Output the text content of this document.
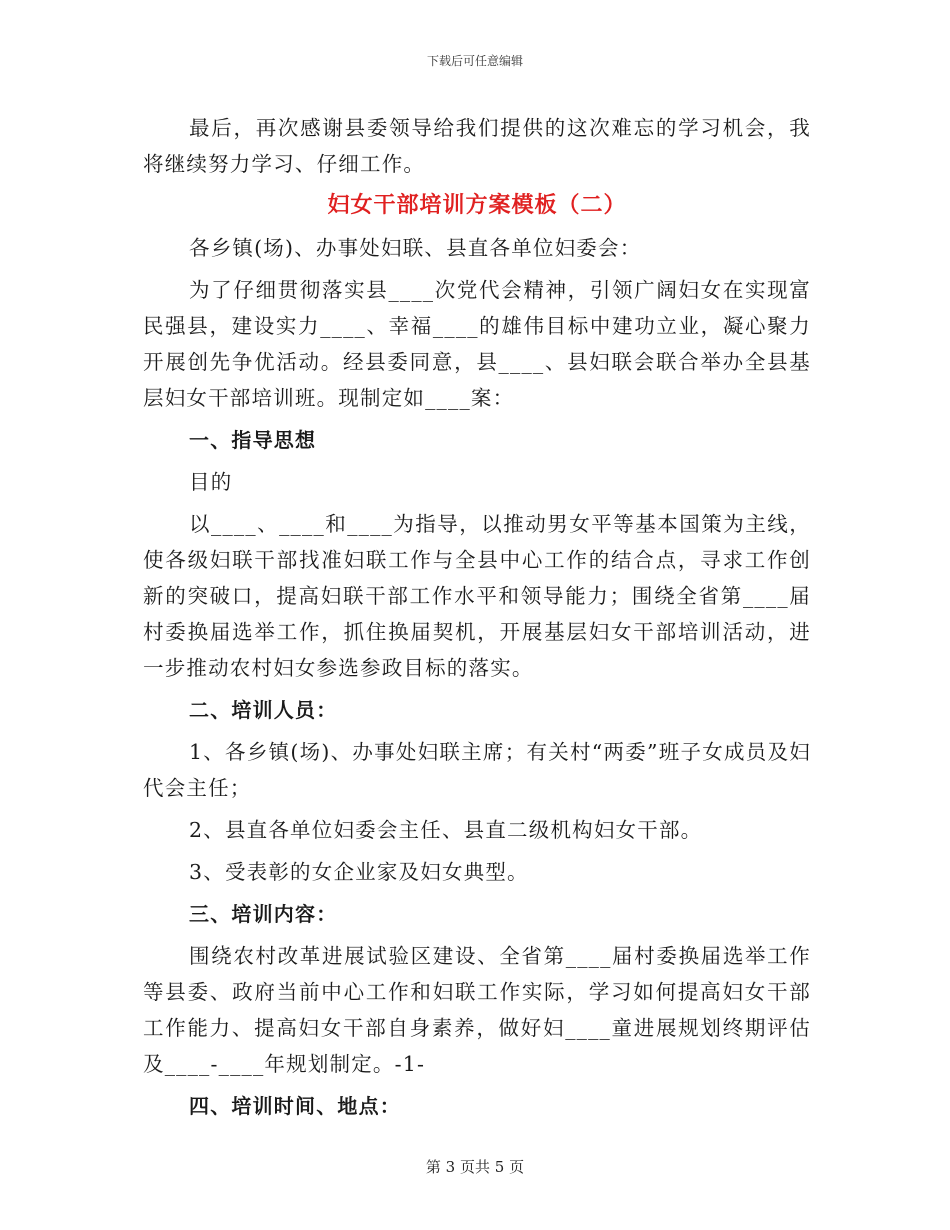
下载后可任意编辑

最后，再次感谢县委领导给我们提供的这次难忘的学习机会，我将继续努力学习、仔细工作。

妇女干部培训方案模板（二）

各乡镇(场)、办事处妇联、县直各单位妇委会：

为了仔细贯彻落实县____次党代会精神，引领广阔妇女在实现富民强县，建设实力____、幸福____的雄伟目标中建功立业，凝心聚力开展创先争优活动。经县委同意，县____、县妇联会联合举办全县基层妇女干部培训班。现制定如____案：

一、指导思想

目的

以____、____和____为指导，以推动男女平等基本国策为主线，使各级妇联干部找准妇联工作与全县中心工作的结合点，寻求工作创新的突破口，提高妇联干部工作水平和领导能力；围绕全省第____届村委换届选举工作，抓住换届契机，开展基层妇女干部培训活动，进一步推动农村妇女参选参政目标的落实。

二、培训人员：

1、各乡镇(场)、办事处妇联主席；有关村“两委”班子女成员及妇代会主任；

2、县直各单位妇委会主任、县直二级机构妇女干部。

3、受表彰的女企业家及妇女典型。

三、培训内容：

围绕农村改革进展试验区建设、全省第____届村委换届选举工作等县委、政府当前中心工作和妇联工作实际，学习如何提高妇女干部工作能力、提高妇女干部自身素养，做好妇____童进展规划终期评估及____-____年规划制定。-1-

四、培训时间、地点：

第 3 页共 5 页
